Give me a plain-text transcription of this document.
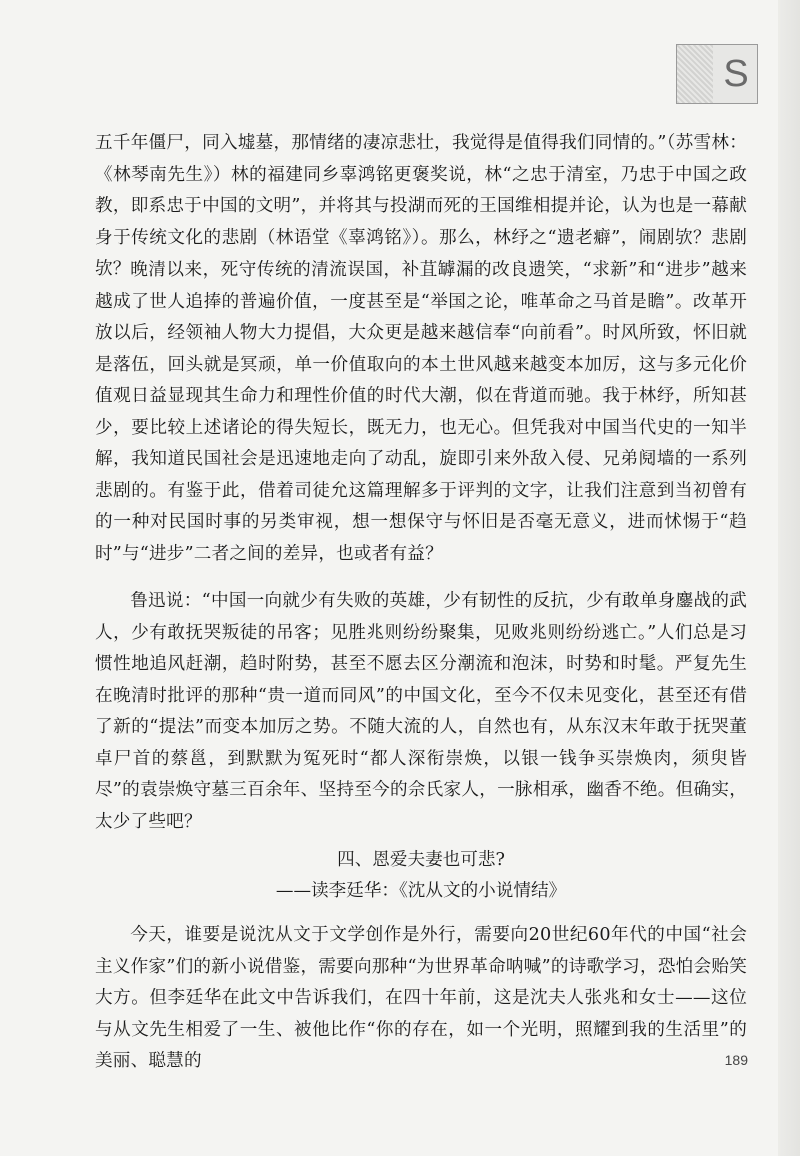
S

五千年僵尸，同入墟墓，那情绪的凄凉悲壮，我觉得是值得我们同情的。”（苏雪林：《林琴南先生》）林的福建同乡辜鸿铭更褒奖说，林“之忠于清室，乃忠于中国之政教，即系忠于中国的文明”，并将其与投湖而死的王国维相提并论，认为也是一幕献身于传统文化的悲剧（林语堂《辜鸿铭》）。那么，林纾之“遗老癖”，闹剧欤？悲剧欤？ 晚清以来，死守传统的清流误国，补苴罅漏的改良遗笑，“求新”和“进步”越来越成了世人追捧的普遍价值，一度甚至是“举国之论，唯革命之马首是瞻”。改革开放以后，经领袖人物大力提倡，大众更是越来越信奉“向前看”。时风所致，怀旧就是落伍，回头就是冥顽，单一价值取向的本土世风越来越变本加厉，这与多元化价值观日益显现其生命力和理性价值的时代大潮，似在背道而驰。我于林纾，所知甚少，要比较上述诸论的得失短长，既无力，也无心。但凭我对中国当代史的一知半解，我知道民国社会是迅速地走向了动乱，旋即引来外敌入侵、兄弟阋墙的一系列悲剧的。有鉴于此，借着司徒允这篇理解多于评判的文字，让我们注意到当初曾有的一种对民国时事的另类审视，想一想保守与怀旧是否毫无意义，进而怵惕于“趋时”与“进步”二者之间的差异，也或者有益？

鲁迅说：“中国一向就少有失败的英雄，少有韧性的反抗，少有敢单身鏖战的武人，少有敢抚哭叛徒的吊客；见胜兆则纷纷聚集，见败兆则纷纷逃亡。”人们总是习惯性地追风赶潮，趋时附势，甚至不愿去区分潮流和泡沫，时势和时髦。严复先生在晚清时批评的那种“贵一道而同风”的中国文化，至今不仅未见变化，甚至还有借了新的“提法”而变本加厉之势。不随大流的人，自然也有，从东汉末年敢于抚哭董卓尸首的蔡邕，到默默为冤死时“都人深衔崇焕，以银一钱争买崇焕肉，须臾皆尽”的袁崇焕守墓三百余年、坚持至今的佘氏家人，一脉相承，幽香不绝。但确实，太少了些吧？

四、恩爱夫妻也可悲?
——读李廷华：《沈从文的小说情结》

今天，谁要是说沈从文于文学创作是外行，需要向20世纪60年代的中国“社会主义作家”们的新小说借鉴，需要向那种“为世界革命呐喊”的诗歌学习，恐怕会贻笑大方。但李廷华在此文中告诉我们，在四十年前，这是沈夫人张兆和女士——这位与从文先生相爱了一生、被他比作“你的存在，如一个光明，照耀到我的生活里”的美丽、聪慧的	189
